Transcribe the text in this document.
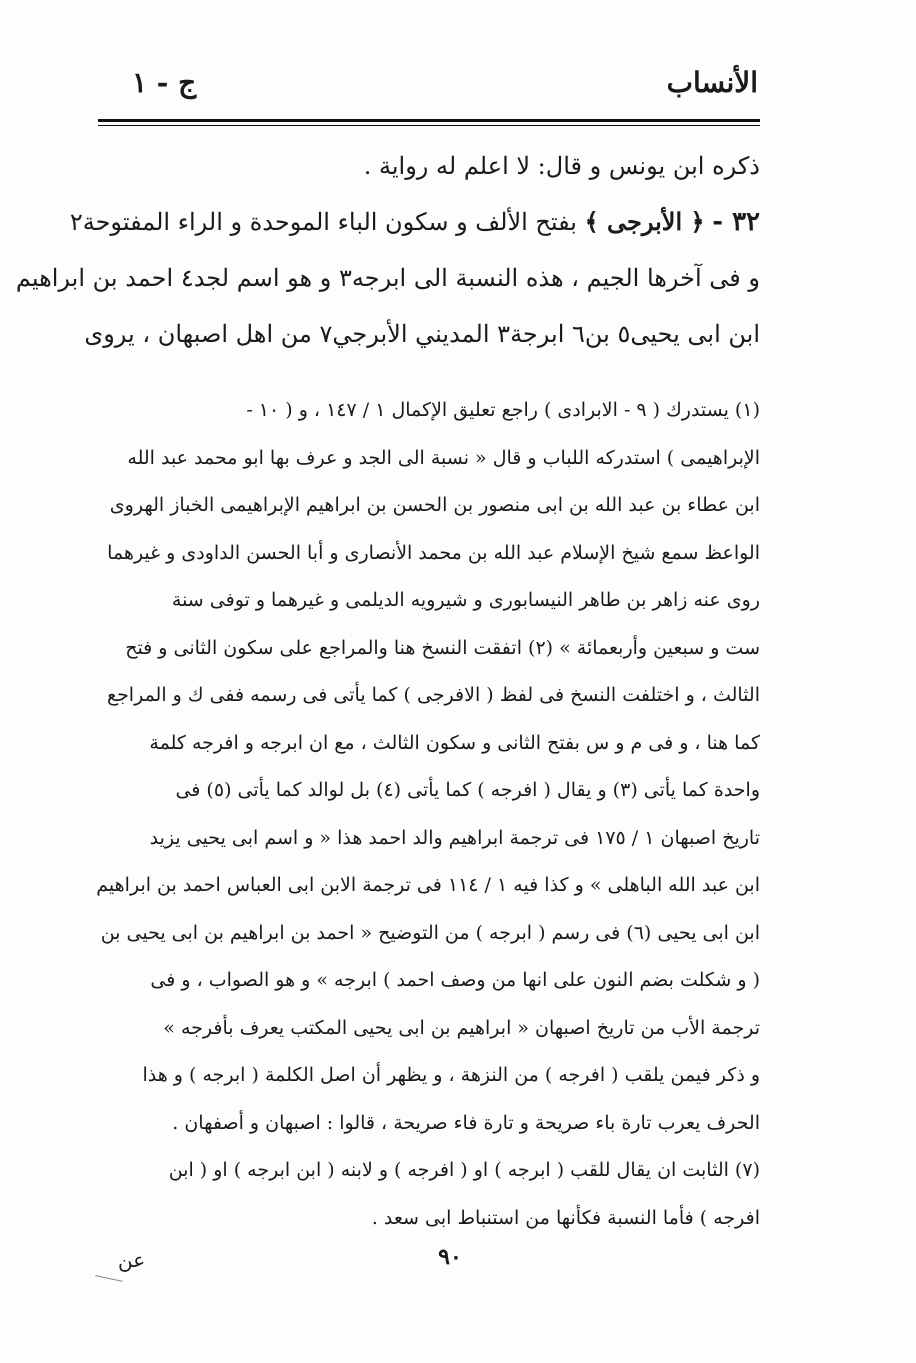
الأنساب
ج - ١
ذكره ابن يونس و قال: لا اعلم له رواية .
٣٢ - ﴿ الأبرجى ﴾ بفتح الألف و سكون الباء الموحدة و الراء المفتوحة٢
و فى آخرها الجيم ، هذه النسبة الى ابرجه٣ و هو اسم لجد٤ احمد بن ابراهيم
ابن ابى يحيى٥ بن٦ ابرجة٣ المديني الأبرجي٧ من اهل اصبهان ، يروى
(١) يستدرك ( ٩ - الابرادى ) راجع تعليق الإكمال ١ / ١٤٧ ، و ( ١٠ -
الإبراهيمى ) استدركه اللباب و قال « نسبة الى الجد و عرف بها ابو محمد عبد الله
ابن عطاء بن عبد الله بن ابى منصور بن الحسن بن ابراهيم الإبراهيمى الخباز الهروى
الواعظ سمع شيخ الإسلام عبد الله بن محمد الأنصارى و أبا الحسن الداودى و غيرهما
روى عنه زاهر بن طاهر النيسابورى و شيرويه الديلمى و غيرهما و توفى سنة
ست و سبعين وأربعمائة » (٢) اتفقت النسخ هنا والمراجع على سكون الثانى و فتح
الثالث ، و اختلفت النسخ فى لفظ ( الافرجى ) كما يأتى فى رسمه ففى ك و المراجع
كما هنا ، و فى م و س بفتح الثانى و سكون الثالث ، مع ان ابرجه و افرجه كلمة
واحدة كما يأتى (٣) و يقال ( افرجه ) كما يأتى (٤) بل لوالد كما يأتى (٥) فى
تاريخ اصبهان ١ / ١٧٥ فى ترجمة ابراهيم والد احمد هذا « و اسم ابى يحيى يزيد
ابن عبد الله الباهلى » و كذا فيه ١ / ١١٤ فى ترجمة الابن ابى العباس احمد بن ابراهيم
ابن ابى يحيى (٦) فى رسم ( ابرجه ) من التوضيح « احمد بن ابراهيم بن ابى يحيى بن
( و شكلت بضم النون على انها من وصف احمد ) ابرجه » و هو الصواب ، و فى
ترجمة الأب من تاريخ اصبهان « ابراهيم بن ابى يحيى المكتب يعرف بأفرجه »
و ذكر فيمن يلقب ( افرجه ) من النزهة ، و يظهر أن اصل الكلمة ( ابرجه ) و هذا
الحرف يعرب تارة باء صريحة و تارة فاء صريحة ، قالوا : اصبهان و أصفهان .
(٧) الثابت ان يقال للقب ( ابرجه ) او ( افرجه ) و لابنه ( ابن ابرجه ) او ( ابن
افرجه ) فأما النسبة فكأنها من استنباط ابى سعد .
٩٠
عن
